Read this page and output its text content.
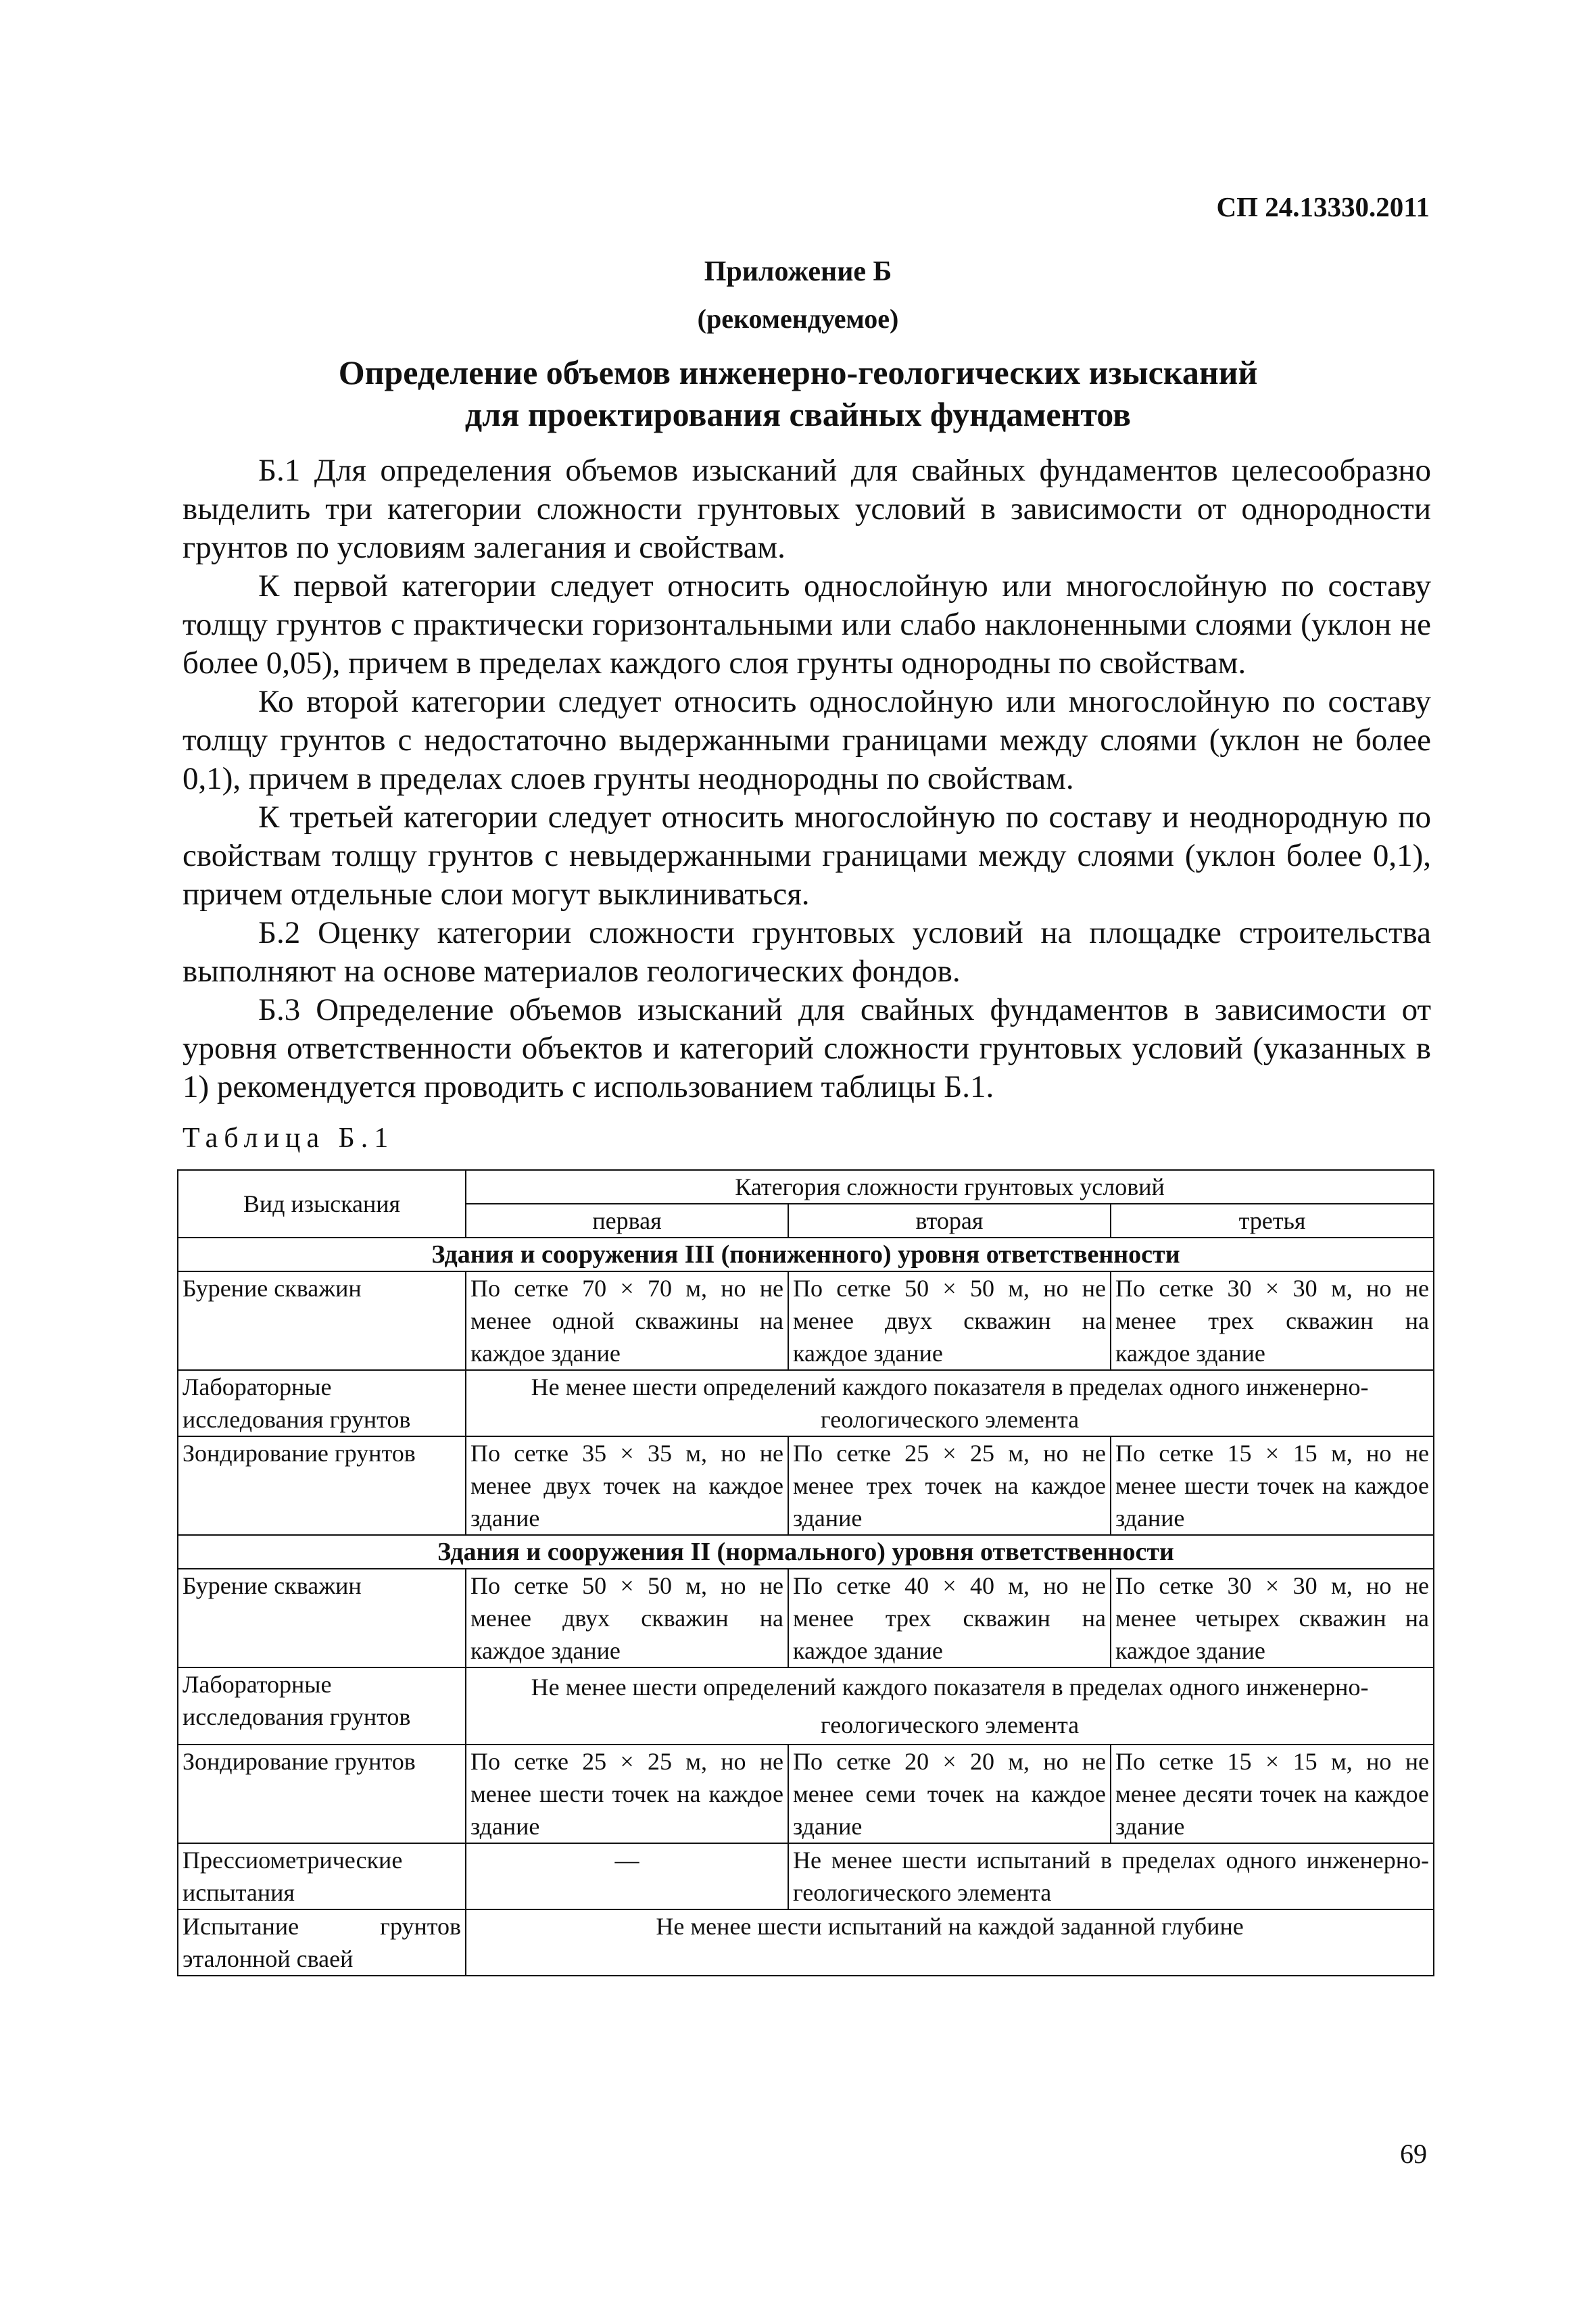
СП 24.13330.2011
Приложение Б
(рекомендуемое)
Определение объемов инженерно-геологических изысканий
для проектирования свайных фундаментов

Б.1 Для определения объемов изысканий для свайных фундаментов целесообразно выделить три категории сложности грунтовых условий в зависимости от однородности грунтов по условиям залегания и свойствам.

К первой категории следует относить однослойную или многослойную по составу толщу грунтов с практически горизонтальными или слабо наклоненными слоями (уклон не более 0,05), причем в пределах каждого слоя грунты однородны по свойствам.

Ко второй категории следует относить однослойную или многослойную по составу толщу грунтов с недостаточно выдержанными границами между слоями (уклон не более 0,1), причем в пределах слоев грунты неоднородны по свойствам.

К третьей категории следует относить многослойную по составу и неоднородную по свойствам толщу грунтов с невыдержанными границами между слоями (уклон более 0,1), причем отдельные слои могут выклиниваться.

Б.2 Оценку категории сложности грунтовых условий на площадке строительства выполняют на основе материалов геологических фондов.

Б.3 Определение объемов изысканий для свайных фундаментов в зависимости от уровня ответственности объектов и категорий сложности грунтовых условий (указанных в 1) рекомендуется проводить с использованием таблицы Б.1.

Таблица Б.1
Вид изыскания	Категория сложности грунтовых условий		
	первая	вторая	третья
Здания и сооружения III (пониженного) уровня ответственности			
Бурение скважин	По сетке 70 × 70 м, но не менее одной скважины на каждое здание	По сетке 50 × 50 м, но не менее двух скважин на каждое здание	По сетке 30 × 30 м, но не менее трех скважин на каждое здание
Лабораторные исследования грунтов	Не менее шести определений каждого показателя в пределах одного инженерно-геологического элемента		
Зондирование грунтов	По сетке 35 × 35 м, но не менее двух точек на каждое здание	По сетке 25 × 25 м, но не менее трех точек на каждое здание	По сетке 15 × 15 м, но не менее шести точек на каждое здание
Здания и сооружения II (нормального) уровня ответственности			
Бурение скважин	По сетке 50 × 50 м, но не менее двух скважин на каждое здание	По сетке 40 × 40 м, но не менее трех скважин на каждое здание	По сетке 30 × 30 м, но не менее четырех скважин на каждое здание
Лабораторные исследования грунтов	Не менее шести определений каждого показателя в пределах одного инженерно-геологического элемента		
Зондирование грунтов	По сетке 25 × 25 м, но не менее шести точек на каждое здание	По сетке 20 × 20 м, но не менее семи точек на каждое здание	По сетке 15 × 15 м, но не менее десяти точек на каждое здание
Прессиометрические испытания	—	Не менее шести испытаний в пределах одного инженерно-геологического элемента	
Испытание грунтов эталонной сваей	Не менее шести испытаний на каждой заданной глубине		
69
